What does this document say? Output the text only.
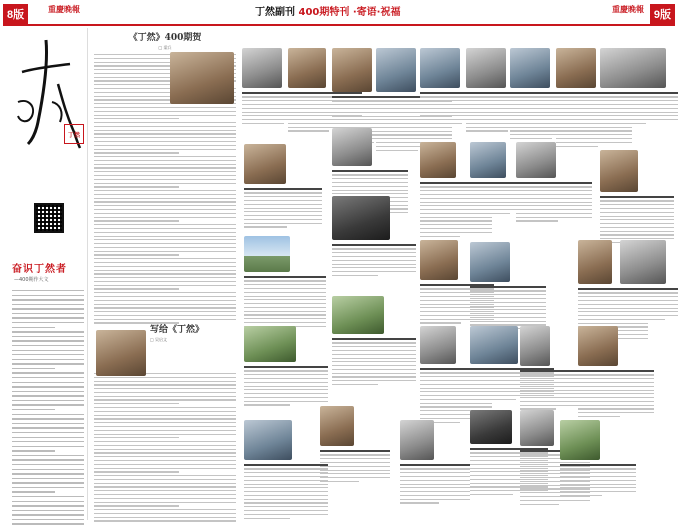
8版	重慶晚報	丁然副刊 400期特刊 ·寄语·祝福	重慶晚報 9版
丁然
奋识丁然者
—400期作大文
《丁然》400期贺
□ 梁兵
写给《丁然》
□ 吴启文
